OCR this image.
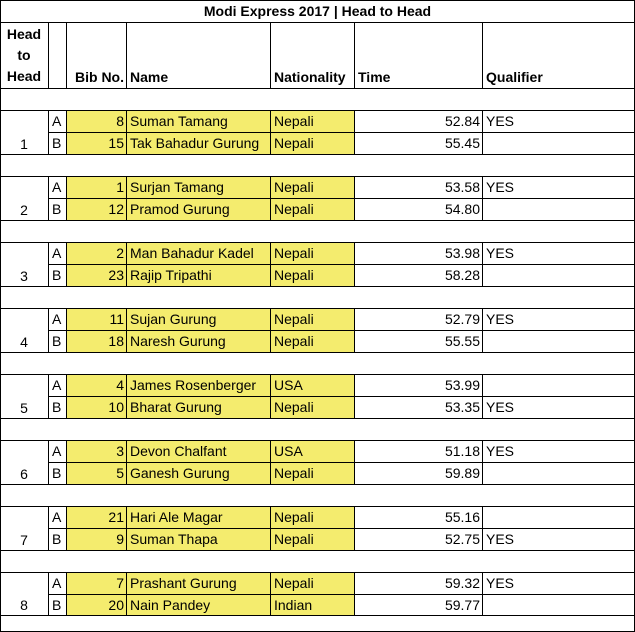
Modi Express 2017 | Head to Head
Head
to
Head	Bib No. Name	Nationality Time	Qualifier
1
A	8 Suman Tamang	Nepali	52.84 YES
B	15 Tak Bahadur Gurung	Nepali	55.45
2
A	1 Surjan Tamang	Nepali	53.58 YES
B	12 Pramod Gurung	Nepali	54.80
3
A	2 Man Bahadur Kadel	Nepali	53.98 YES
B	23 Rajip Tripathi	Nepali	58.28
4
A	11 Sujan Gurung	Nepali	52.79 YES
B	18 Naresh Gurung	Nepali	55.55
5
A	4 James Rosenberger	USA	53.99
B	10 Bharat Gurung	Nepali	53.35 YES
6
A	3 Devon Chalfant	USA	51.18 YES
B	5 Ganesh Gurung	Nepali	59.89
7
A	21 Hari Ale Magar	Nepali	55.16
B	9 Suman Thapa	Nepali	52.75 YES
8
A	7 Prashant Gurung	Nepali	59.32 YES
B	20 Nain Pandey	Indian	59.77
